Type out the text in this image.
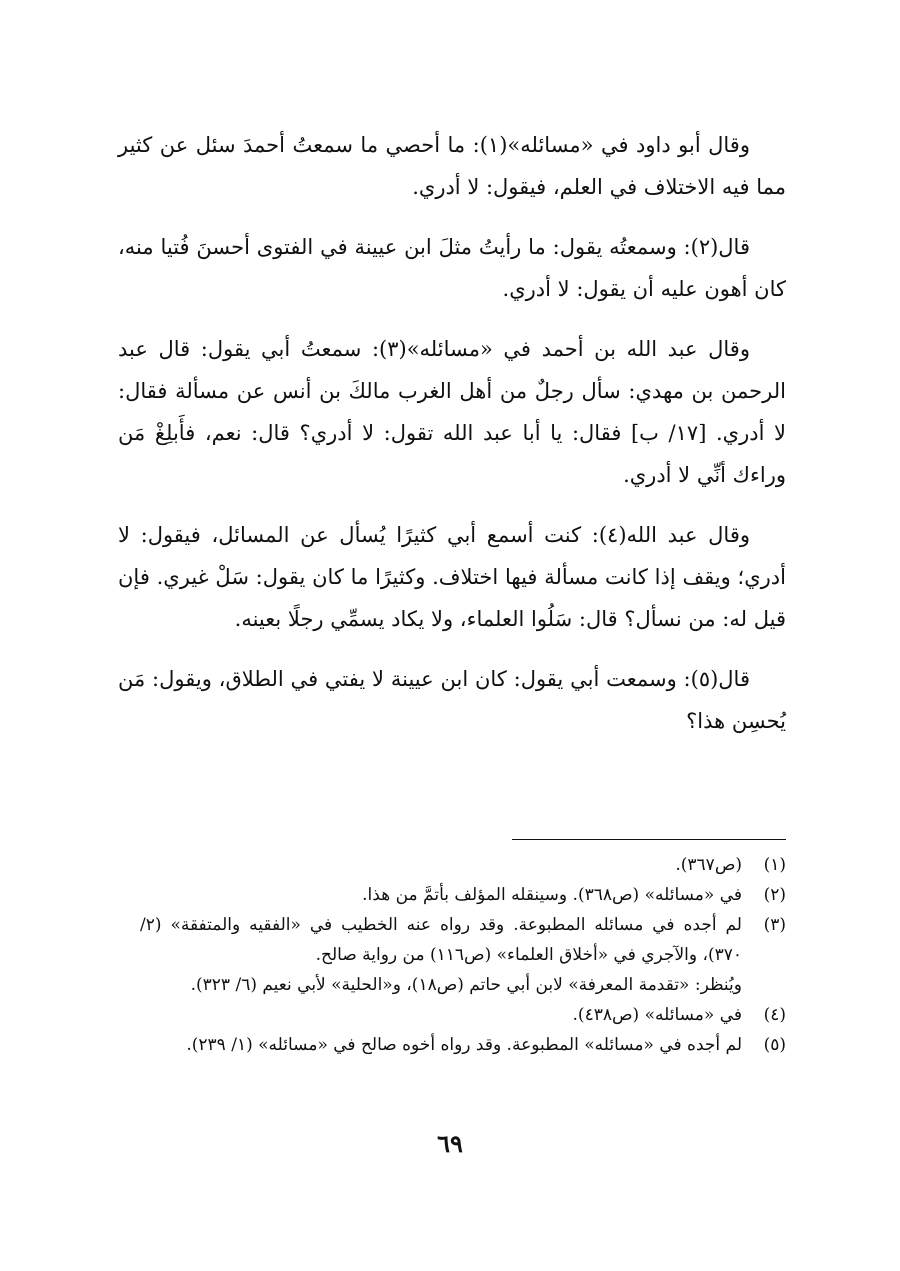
وقال أبو داود في «مسائله»(١): ما أحصي ما سمعتُ أحمدَ سئل عن كثير مما فيه الاختلاف في العلم، فيقول: لا أدري.

قال(٢): وسمعتُه يقول: ما رأيتُ مثلَ ابن عيينة في الفتوى أحسنَ فُتيا منه، كان أهون عليه أن يقول: لا أدري.

وقال عبد الله بن أحمد في «مسائله»(٣): سمعتُ أبي يقول: قال عبد الرحمن بن مهدي: سأل رجلٌ من أهل الغرب مالكَ بن أنس عن مسألة فقال: لا أدري. [١٧/ ب] فقال: يا أبا عبد الله تقول: لا أدري؟ قال: نعم، فأَبلِغْ مَن وراءك أنِّي لا أدري.

وقال عبد الله(٤): كنت أسمع أبي كثيرًا يُسأل عن المسائل، فيقول: لا أدري؛ ويقف إذا كانت مسألة فيها اختلاف. وكثيرًا ما كان يقول: سَلْ غيري. فإن قيل له: من نسأل؟ قال: سَلُوا العلماء، ولا يكاد يسمِّي رجلًا بعينه.

قال(٥): وسمعت أبي يقول: كان ابن عيينة لا يفتي في الطلاق، ويقول: مَن يُحسِن هذا؟

(١)
(ص٣٦٧).
(٢)
في «مسائله» (ص٣٦٨). وسينقله المؤلف بأتمَّ من هذا.
(٣)
لم أجده في مسائله المطبوعة. وقد رواه عنه الخطيب في «الفقيه والمتفقة» (٢/ ٣٧٠)، والآجري في «أخلاق العلماء» (ص١١٦) من رواية صالح.
ويُنظر: «تقدمة المعرفة» لابن أبي حاتم (ص١٨)، و«الحلية» لأبي نعيم (٦/ ٣٢٣).
(٤)
في «مسائله» (ص٤٣٨).
(٥)
لم أجده في «مسائله» المطبوعة. وقد رواه أخوه صالح في «مسائله» (١/ ٢٣٩).
٦٩
